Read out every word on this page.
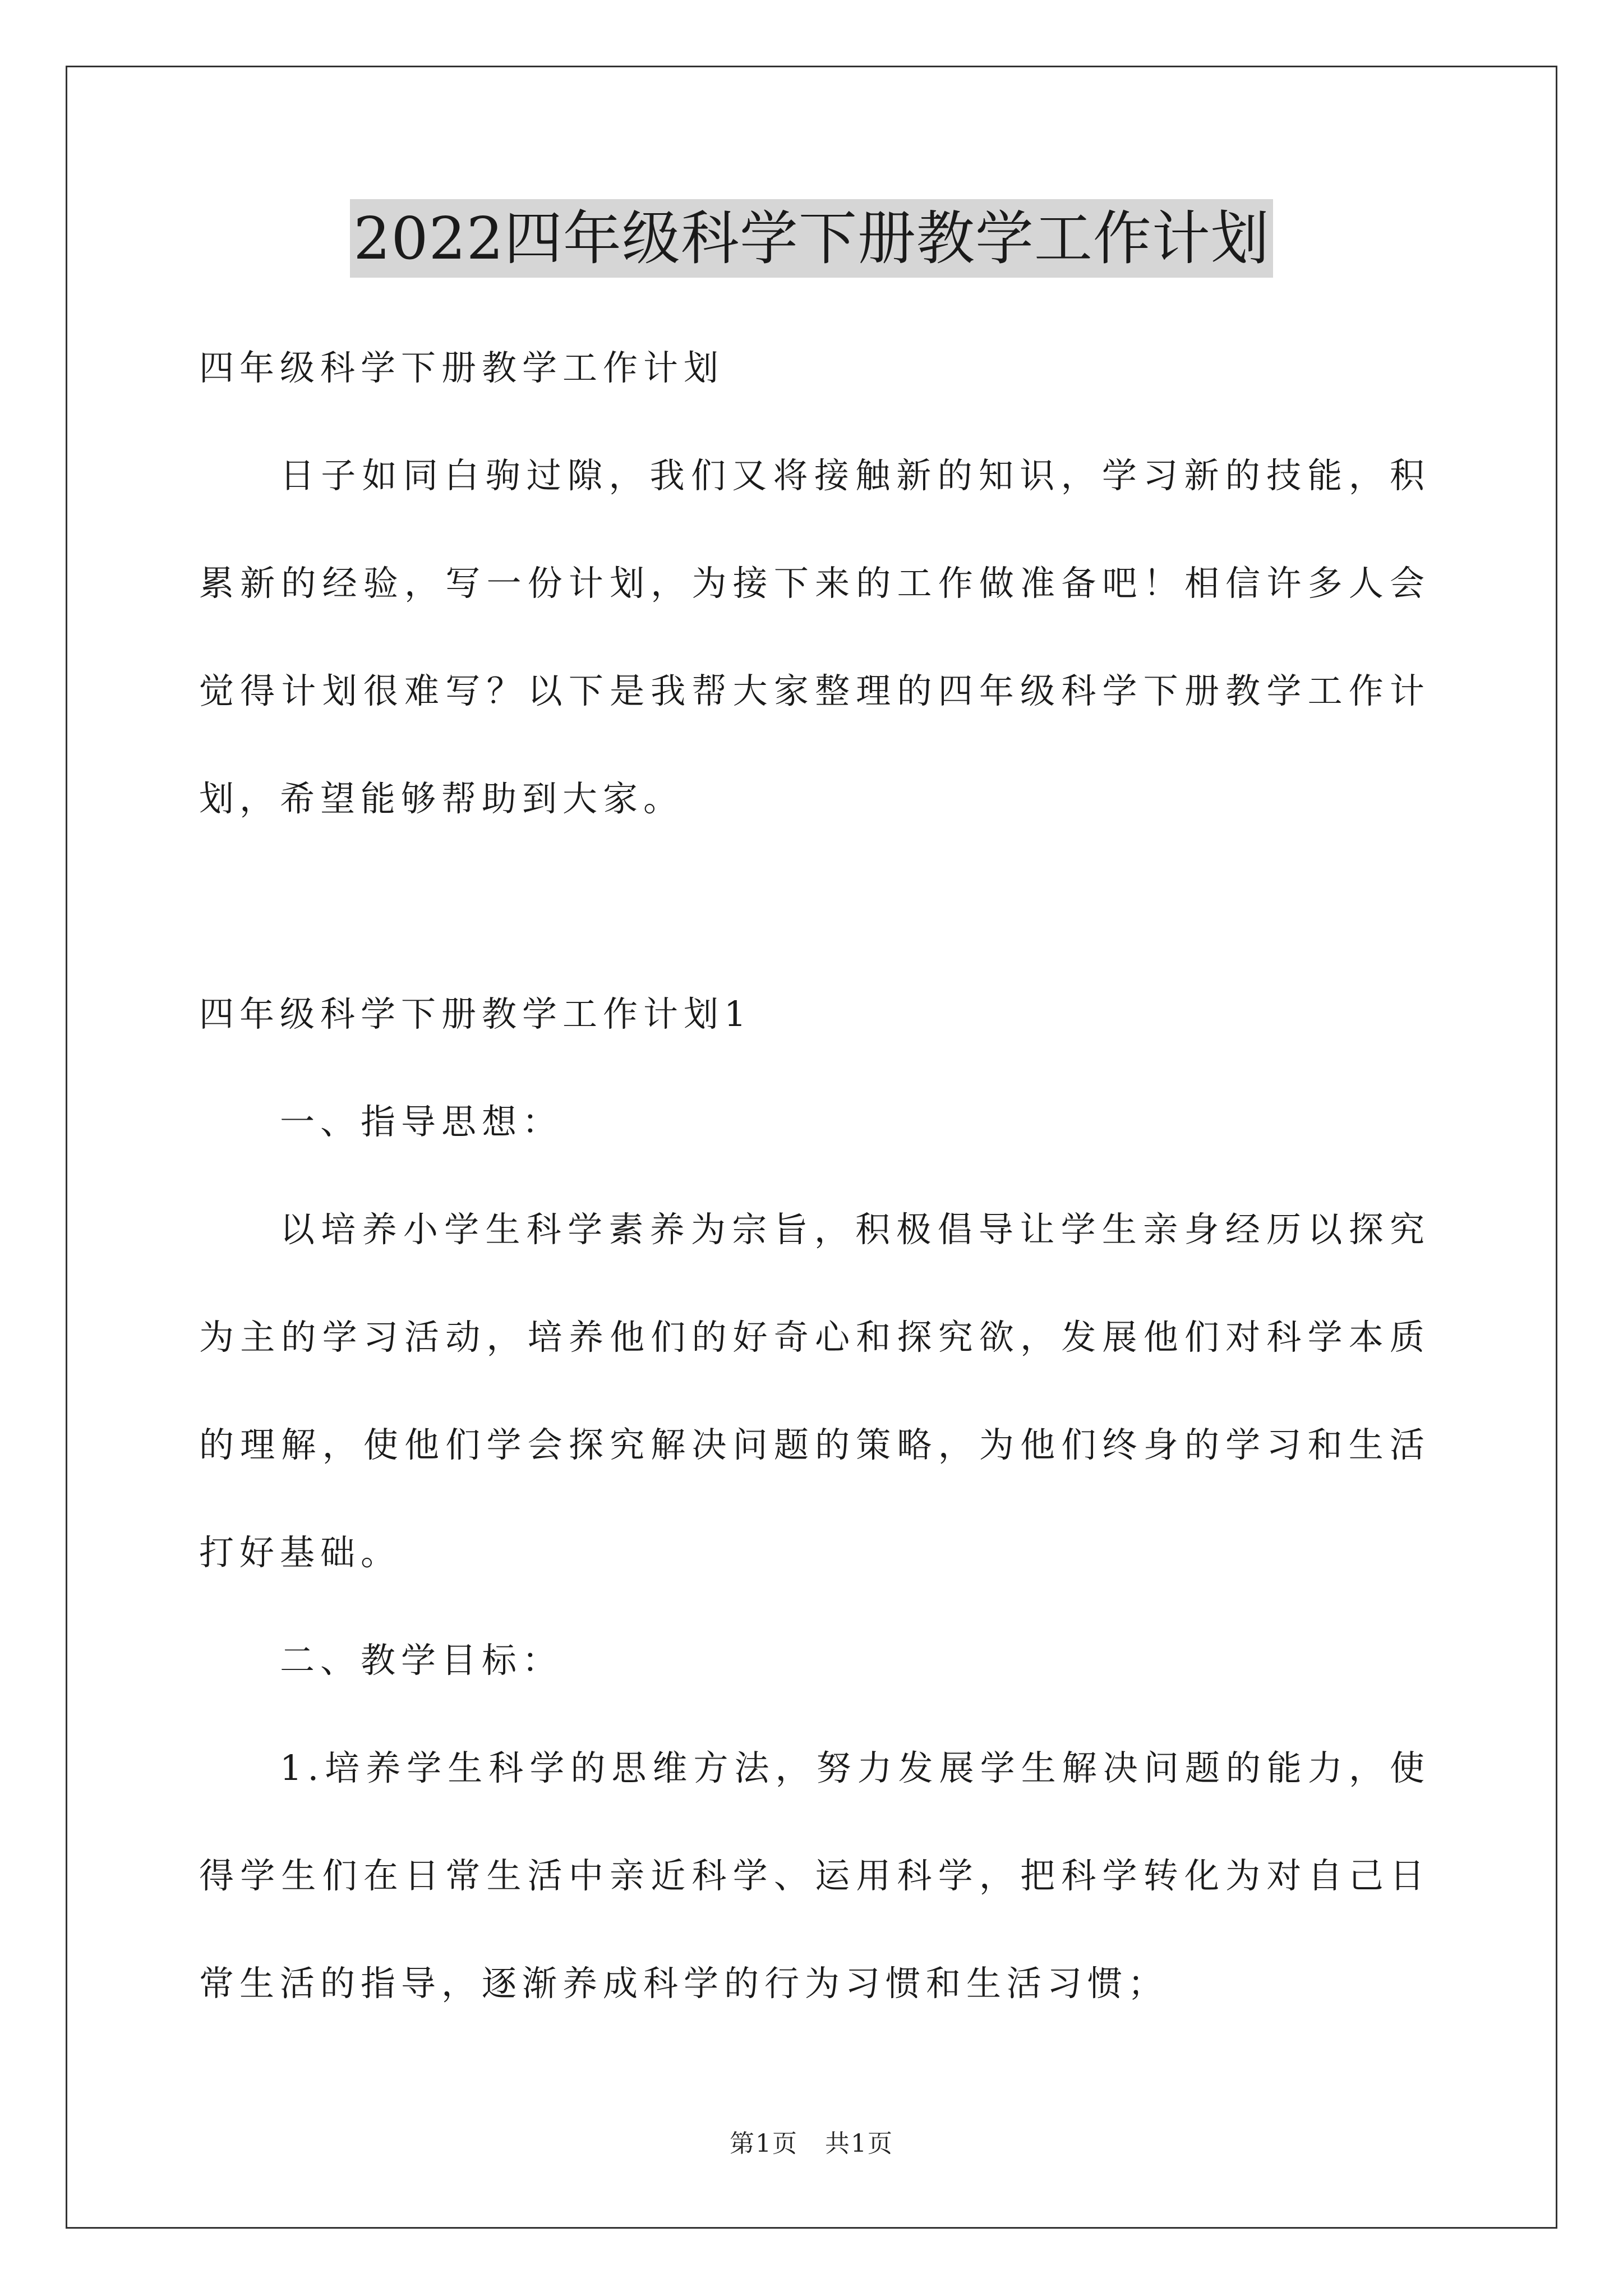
2022四年级科学下册教学工作计划

四年级科学下册教学工作计划

日子如同白驹过隙，我们又将接触新的知识，学习新的技能，积累新的经验，写一份计划，为接下来的工作做准备吧！相信许多人会觉得计划很难写？以下是我帮大家整理的四年级科学下册教学工作计划，希望能够帮助到大家。

四年级科学下册教学工作计划1

一、指导思想：

以培养小学生科学素养为宗旨，积极倡导让学生亲身经历以探究为主的学习活动，培养他们的好奇心和探究欲，发展他们对科学本质的理解，使他们学会探究解决问题的策略，为他们终身的学习和生活打好基础。

二、教学目标：

1.培养学生科学的思维方法，努力发展学生解决问题的能力，使得学生们在日常生活中亲近科学、运用科学，把科学转化为对自己日常生活的指导，逐渐养成科学的行为习惯和生活习惯；

第1页   共1页
